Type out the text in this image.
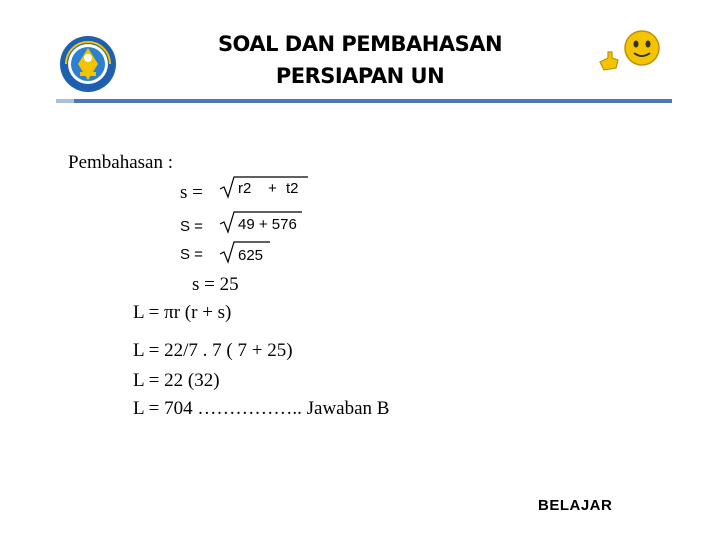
SOAL DAN PEMBAHASAN
PERSIAPAN UN
Pembahasan :
s = r2 + t2
S = 49 + 576
S = 625
s = 25
L = πr (r + s)
L = 22/7 . 7 ( 7 + 25)
L = 22 (32)
L = 704 …………….. Jawaban B
BELAJAR
